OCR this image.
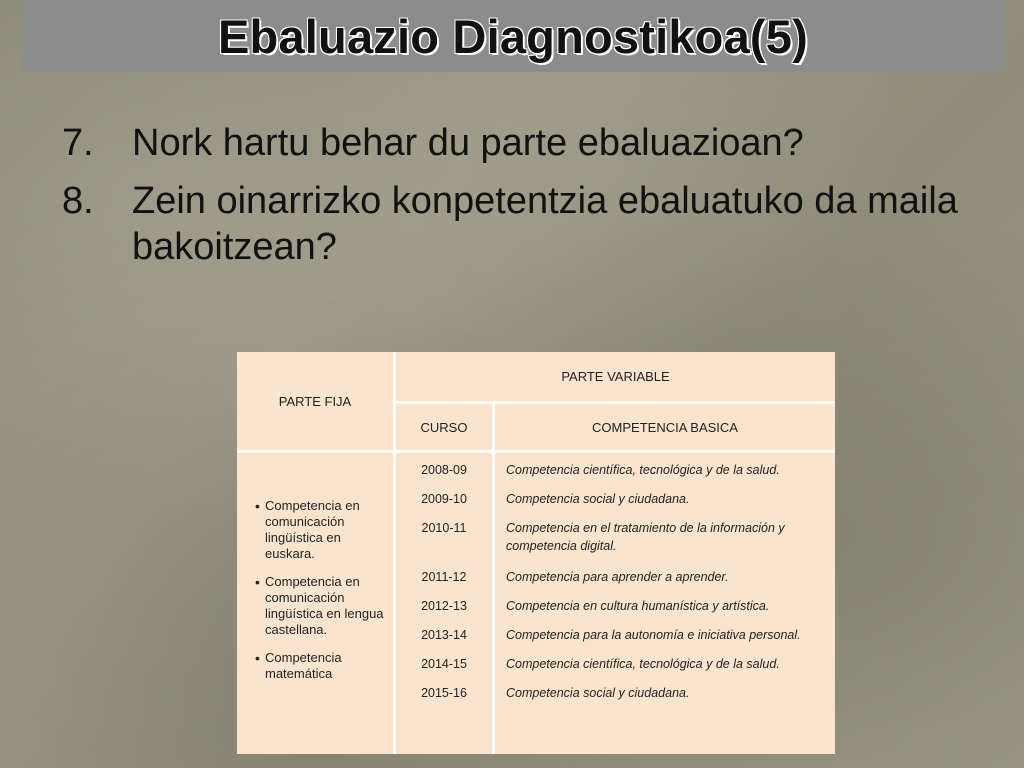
Ebaluazio Diagnostikoa(5)
7.	Nork hartu behar du parte ebaluazioan?
8.	Zein oinarrizko konpetentzia ebaluatuko da maila bakoitzean?
PARTE FIJA
PARTE VARIABLE
CURSO	COMPETENCIA BASICA
• Competencia en comunicación lingüística en euskara.
• Competencia en comunicación lingüística en lengua castellana.
• Competencia matemática
2008-09	Competencia científica, tecnológica y de la salud.
2009-10	Competencia social y ciudadana.
2010-11	Competencia en el tratamiento de la información y competencia digital.
2011-12	Competencia para aprender a aprender.
2012-13	Competencia en cultura humanística y artística.
2013-14	Competencia para la autonomía e iniciativa personal.
2014-15	Competencia científica, tecnológica y de la salud.
2015-16	Competencia social y ciudadana.
